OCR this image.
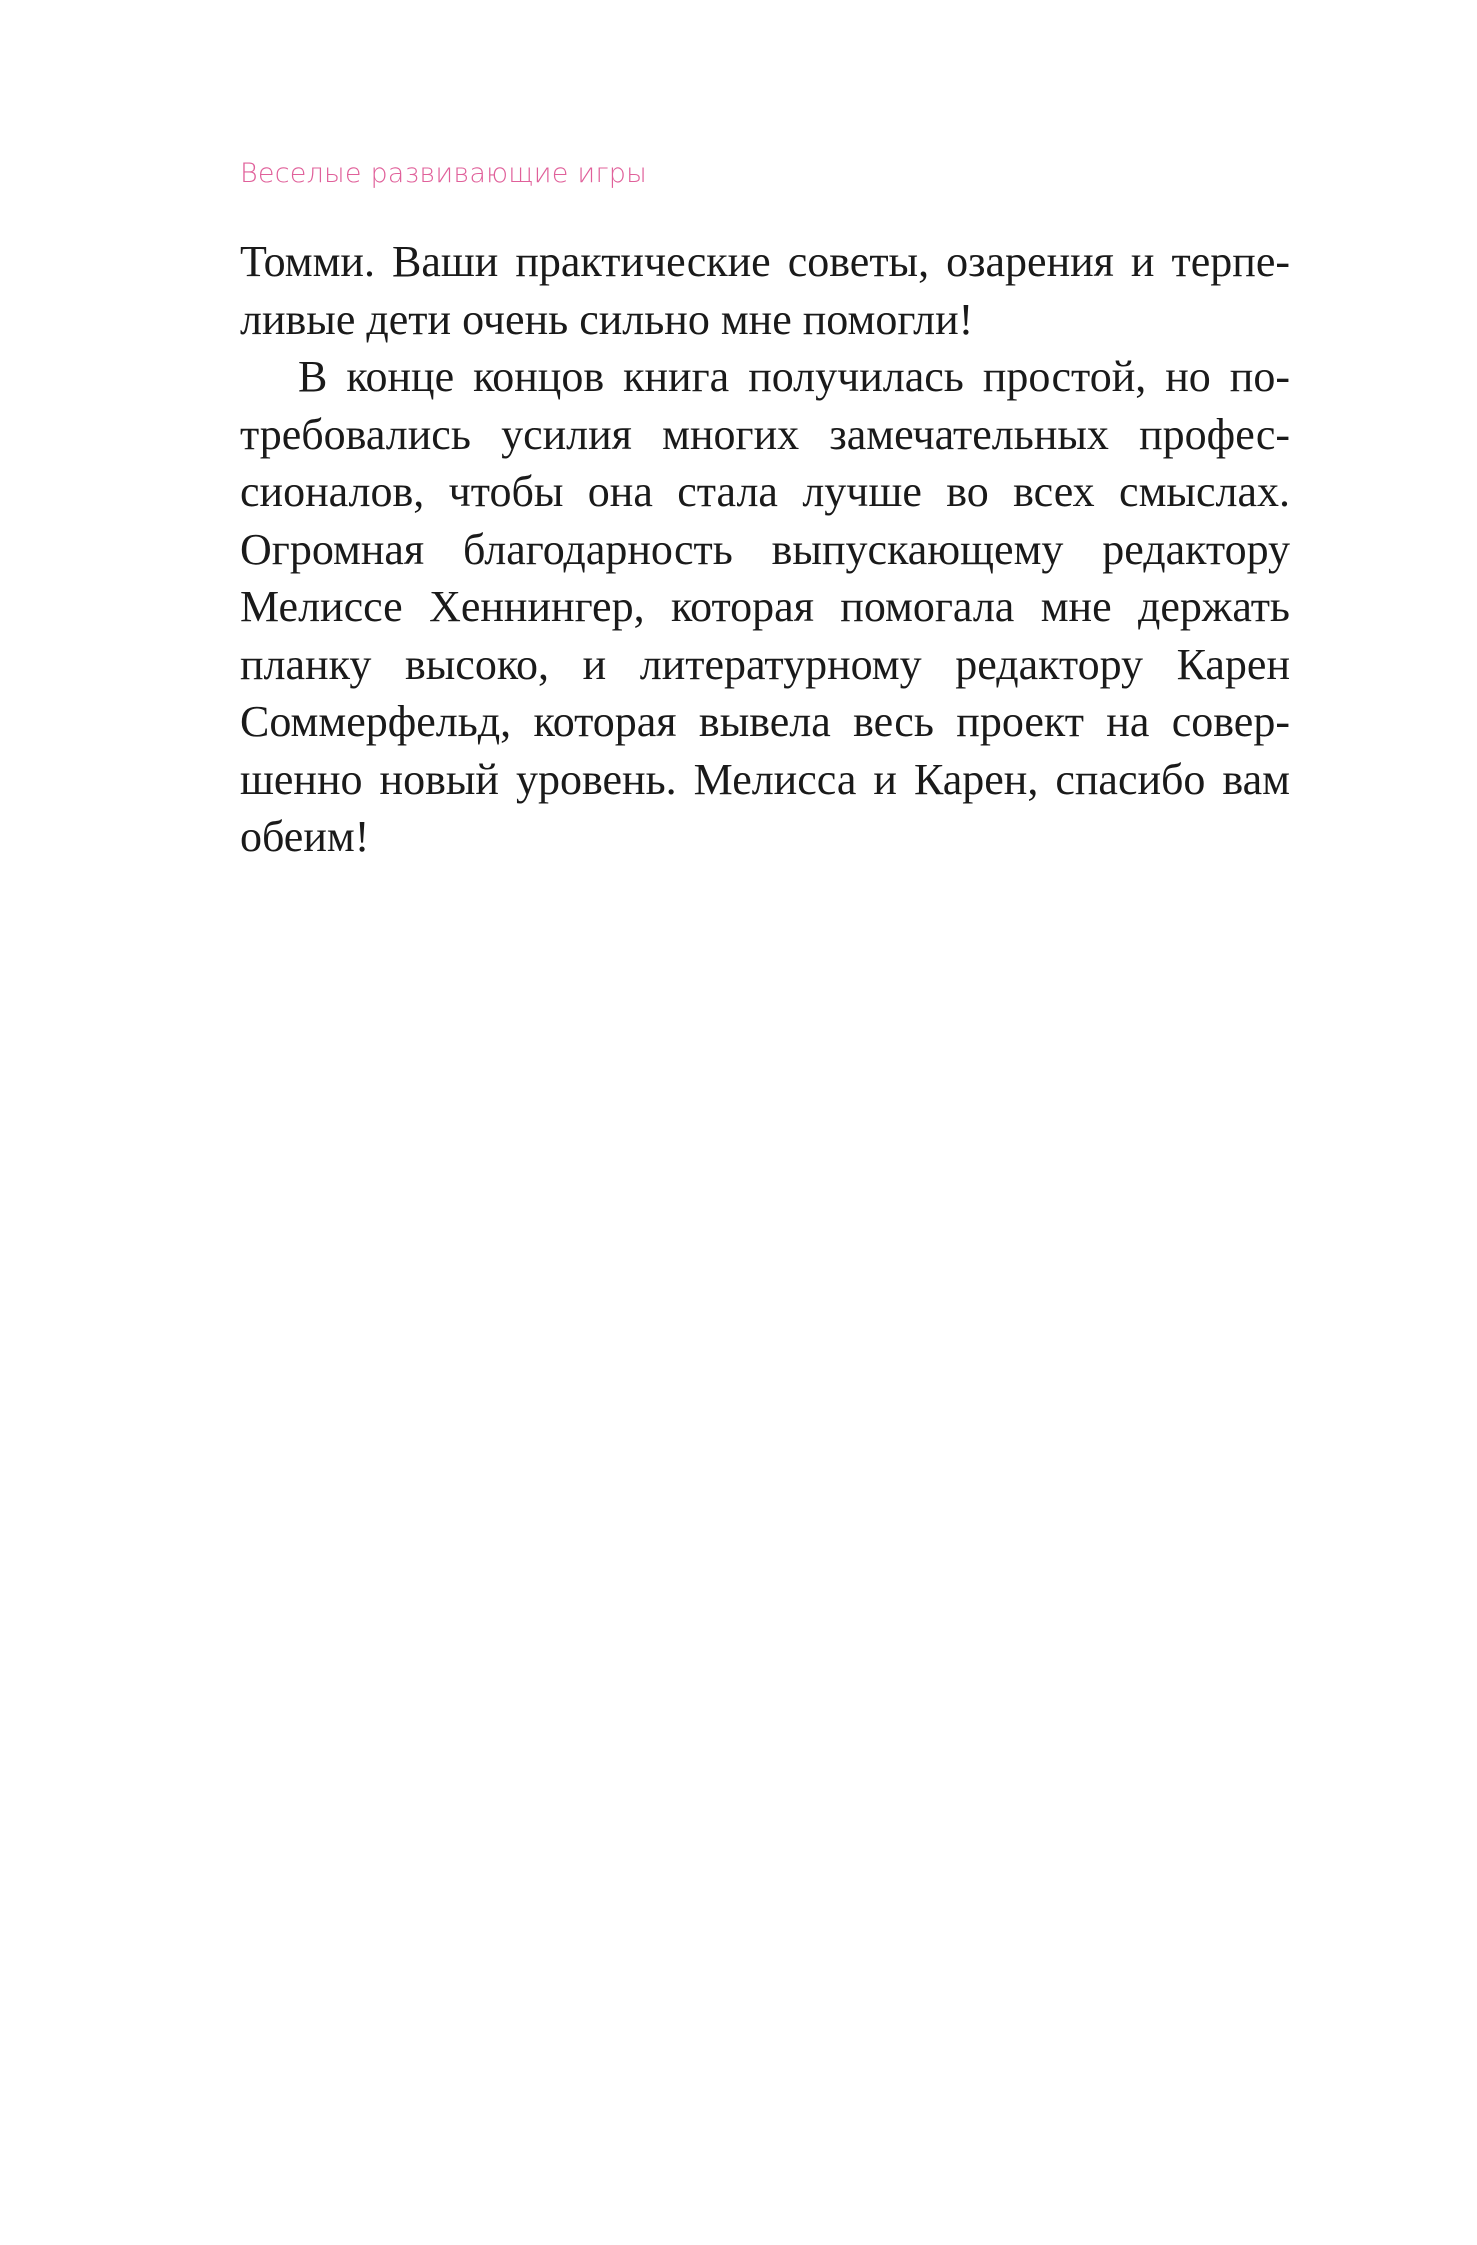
Веселые развивающие игры
Томми. Ваши практические советы, озарения и терпе-
ливые дети очень сильно мне помогли!
В конце концов книга получилась простой, но по-
требовались усилия многих замечательных профес-
сионалов, чтобы она стала лучше во всех смыслах.
Огромная благодарность выпускающему редактору
Мелиссе Хеннингер, которая помогала мне держать
планку высоко, и литературному редактору Карен
Соммерфельд, которая вывела весь проект на совер-
шенно новый уровень. Мелисса и Карен, спасибо вам
обеим!
